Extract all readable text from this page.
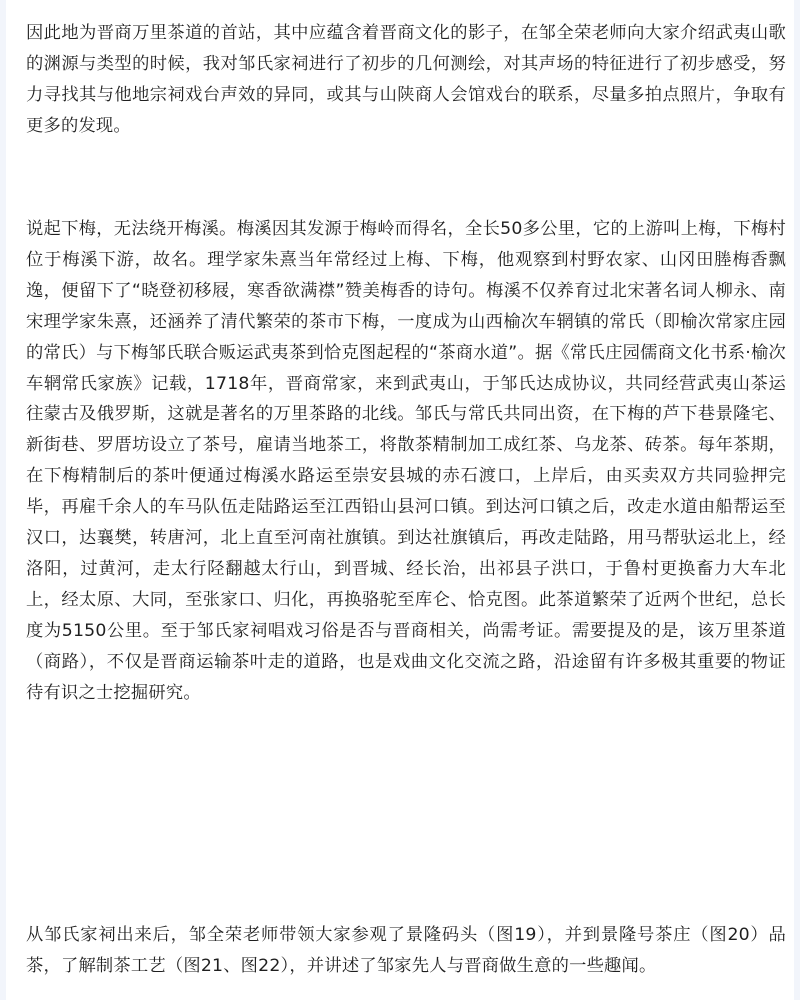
因此地为晋商万里茶道的首站，其中应蕴含着晋商文化的影子，在邹全荣老师向大家介绍武夷山歌的渊源与类型的时候，我对邹氏家祠进行了初步的几何测绘，对其声场的特征进行了初步感受，努力寻找其与他地宗祠戏台声效的异同，或其与山陕商人会馆戏台的联系，尽量多拍点照片，争取有更多的发现。

说起下梅，无法绕开梅溪。梅溪因其发源于梅岭而得名，全长50多公里，它的上游叫上梅，下梅村位于梅溪下游，故名。理学家朱熹当年常经过上梅、下梅，他观察到村野农家、山冈田塍梅香飘逸，便留下了“晓登初移屐，寒香欲满襟”赞美梅香的诗句。梅溪不仅养育过北宋著名词人柳永、南宋理学家朱熹，还涵养了清代繁荣的茶市下梅，一度成为山西榆次车辋镇的常氏（即榆次常家庄园的常氏）与下梅邹氏联合贩运武夷茶到恰克图起程的“茶商水道”。据《常氏庄园儒商文化书系·榆次车辋常氏家族》记载，1718年，晋商常家，来到武夷山，于邹氏达成协议，共同经营武夷山茶运往蒙古及俄罗斯，这就是著名的万里茶路的北线。邹氏与常氏共同出资，在下梅的芦下巷景隆宅、新街巷、罗厝坊设立了茶号，雇请当地茶工，将散茶精制加工成红茶、乌龙茶、砖茶。每年茶期，在下梅精制后的茶叶便通过梅溪水路运至崇安县城的赤石渡口，上岸后，由买卖双方共同验押完毕，再雇千余人的车马队伍走陆路运至江西铅山县河口镇。到达河口镇之后，改走水道由船帮运至汉口，达襄樊，转唐河，北上直至河南社旗镇。到达社旗镇后，再改走陆路，用马帮驮运北上，经洛阳，过黄河，走太行陉翻越太行山，到晋城、经长治，出祁县子洪口，于鲁村更换畜力大车北上，经太原、大同，至张家口、归化，再换骆驼至库仑、恰克图。此茶道繁荣了近两个世纪，总长度为5150公里。至于邹氏家祠唱戏习俗是否与晋商相关，尚需考证。需要提及的是，该万里茶道（商路），不仅是晋商运输茶叶走的道路，也是戏曲文化交流之路，沿途留有许多极其重要的物证待有识之士挖掘研究。

从邹氏家祠出来后，邹全荣老师带领大家参观了景隆码头（图19），并到景隆号茶庄（图20）品茶，了解制茶工艺（图21、图22），并讲述了邹家先人与晋商做生意的一些趣闻。
